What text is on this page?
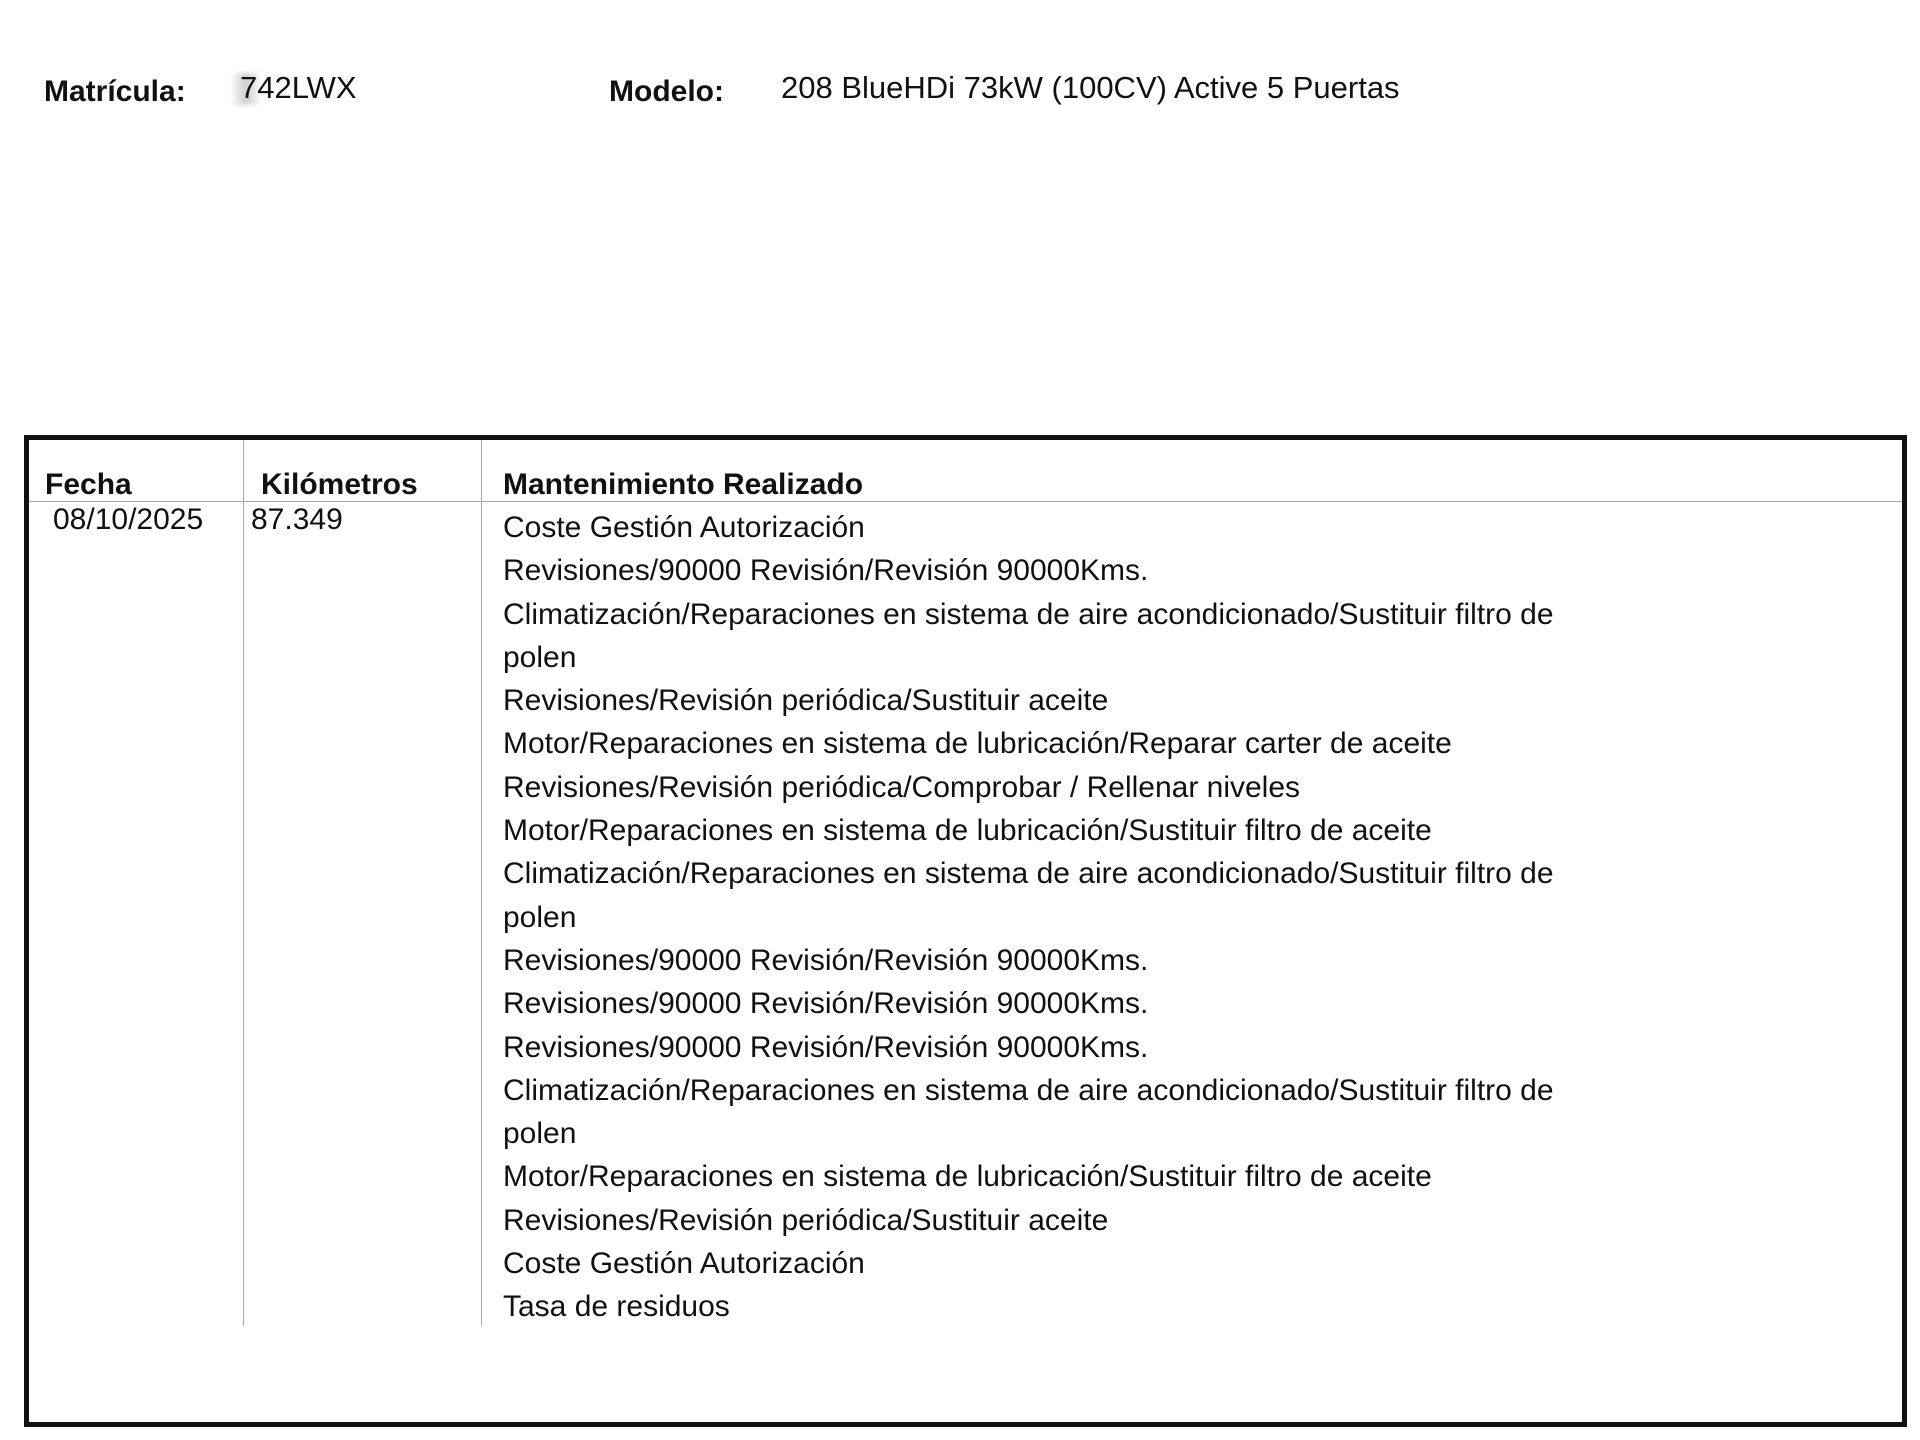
Matrícula: 742LWX	Modelo: 208 BlueHDi 73kW (100CV) Active 5 Puertas
Fecha	Kilómetros	Mantenimiento Realizado
08/10/2025 87.349	Coste Gestión Autorización
Revisiones/90000 Revisión/Revisión 90000Kms.
Climatización/Reparaciones en sistema de aire acondicionado/Sustituir filtro de
polen
Revisiones/Revisión periódica/Sustituir aceite
Motor/Reparaciones en sistema de lubricación/Reparar carter de aceite
Revisiones/Revisión periódica/Comprobar / Rellenar niveles
Motor/Reparaciones en sistema de lubricación/Sustituir filtro de aceite
Climatización/Reparaciones en sistema de aire acondicionado/Sustituir filtro de
polen
Revisiones/90000 Revisión/Revisión 90000Kms.
Revisiones/90000 Revisión/Revisión 90000Kms.
Revisiones/90000 Revisión/Revisión 90000Kms.
Climatización/Reparaciones en sistema de aire acondicionado/Sustituir filtro de
polen
Motor/Reparaciones en sistema de lubricación/Sustituir filtro de aceite
Revisiones/Revisión periódica/Sustituir aceite
Coste Gestión Autorización
Tasa de residuos
